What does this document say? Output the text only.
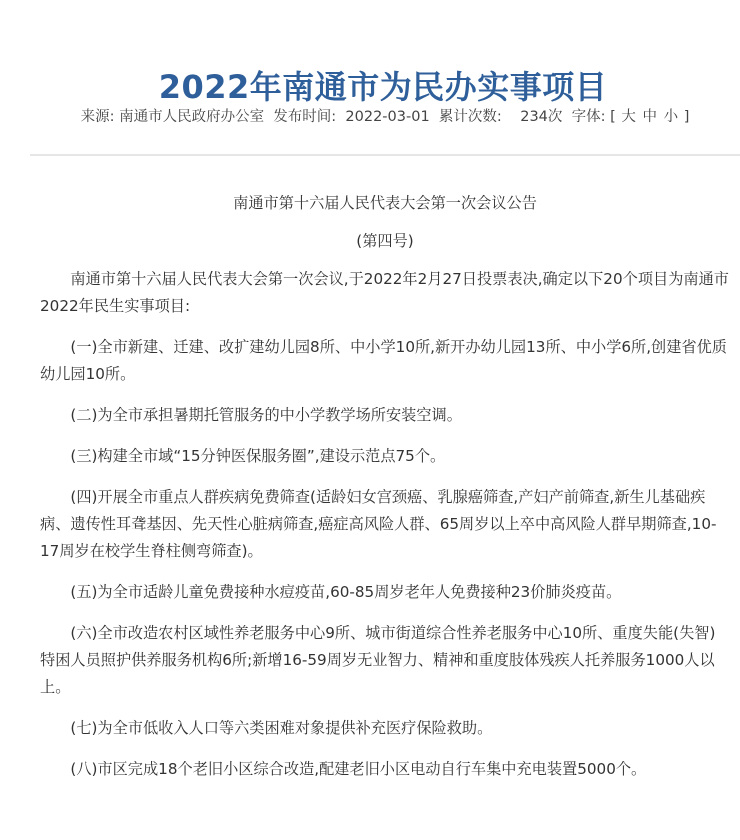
2022年南通市为民办实事项目
来源: 南通市人民政府办公室 发布时间: 2022-03-01 累计次数: 234次 字体: [ 大 中 小 ]

南通市第十六届人民代表大会第一次会议公告

(第四号)

南通市第十六届人民代表大会第一次会议,于2022年2月27日投票表决,确定以下20个项目为南通市2022年民生实事项目:

(一)全市新建、迁建、改扩建幼儿园8所、中小学10所,新开办幼儿园13所、中小学6所,创建省优质幼儿园10所。

(二)为全市承担暑期托管服务的中小学教学场所安装空调。

(三)构建全市域“15分钟医保服务圈”,建设示范点75个。

(四)开展全市重点人群疾病免费筛查(适龄妇女宫颈癌、乳腺癌筛查,产妇产前筛查,新生儿基础疾病、遗传性耳聋基因、先天性心脏病筛查,癌症高风险人群、65周岁以上卒中高风险人群早期筛查,10-17周岁在校学生脊柱侧弯筛查)。

(五)为全市适龄儿童免费接种水痘疫苗,60-85周岁老年人免费接种23价肺炎疫苗。

(六)全市改造农村区域性养老服务中心9所、城市街道综合性养老服务中心10所、重度失能(失智)特困人员照护供养服务机构6所;新增16-59周岁无业智力、精神和重度肢体残疾人托养服务1000人以上。

(七)为全市低收入人口等六类困难对象提供补充医疗保险救助。

(八)市区完成18个老旧小区综合改造,配建老旧小区电动自行车集中充电装置5000个。
